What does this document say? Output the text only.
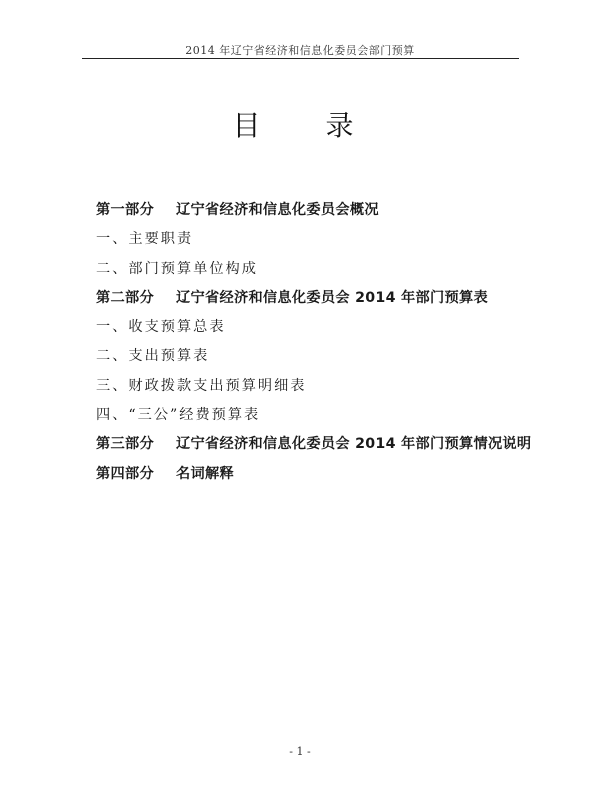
2014 年辽宁省经济和信息化委员会部门预算
目 录
第一部分 辽宁省经济和信息化委员会概况
一、主要职责
二、部门预算单位构成
第二部分 辽宁省经济和信息化委员会 2014 年部门预算表
一、收支预算总表
二、支出预算表
三、财政拨款支出预算明细表
四、“三公”经费预算表
第三部分 辽宁省经济和信息化委员会 2014 年部门预算情况说明
第四部分 名词解释
- 1 -
